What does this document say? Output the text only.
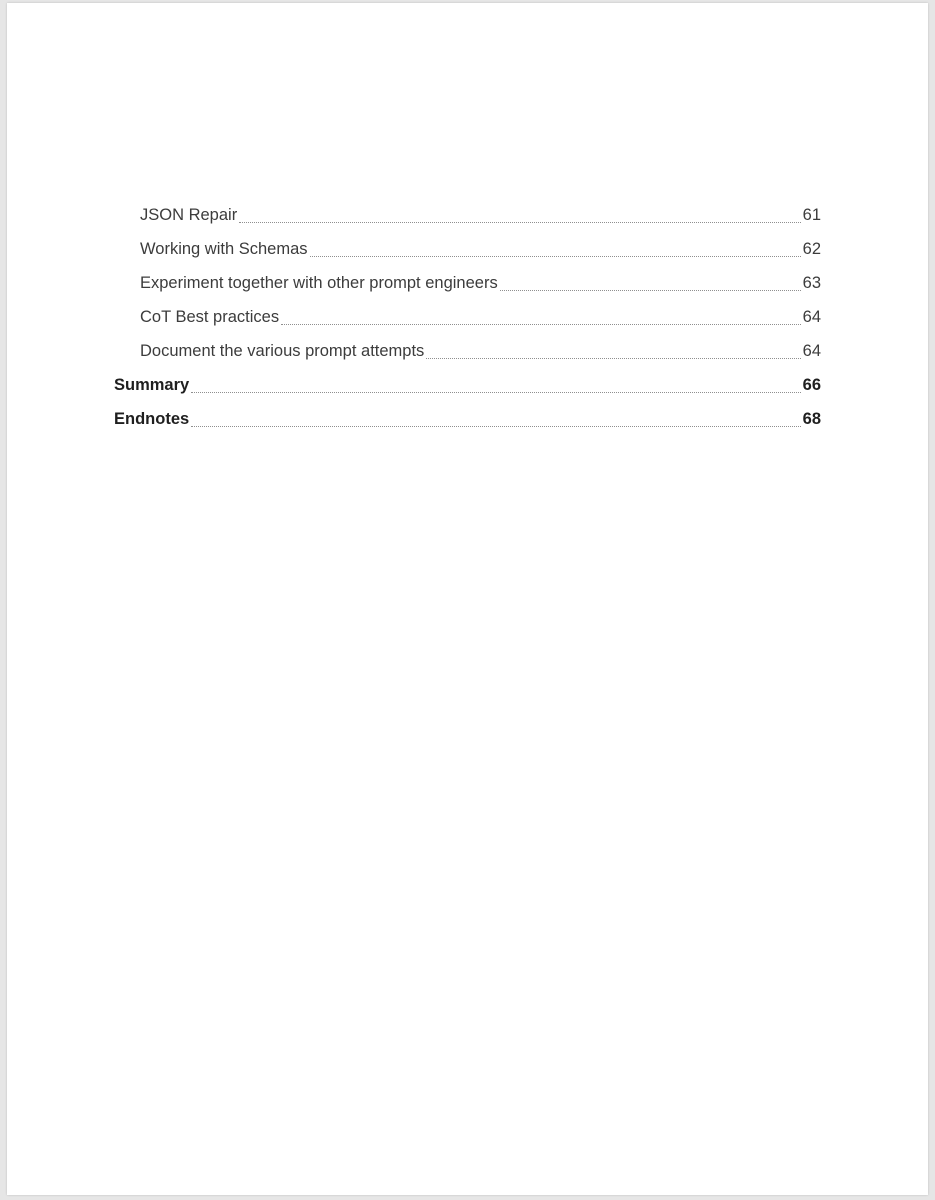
JSON Repair	61
Working with Schemas	62
Experiment together with other prompt engineers	63
CoT Best practices	64
Document the various prompt attempts	64
Summary	66
Endnotes	68
